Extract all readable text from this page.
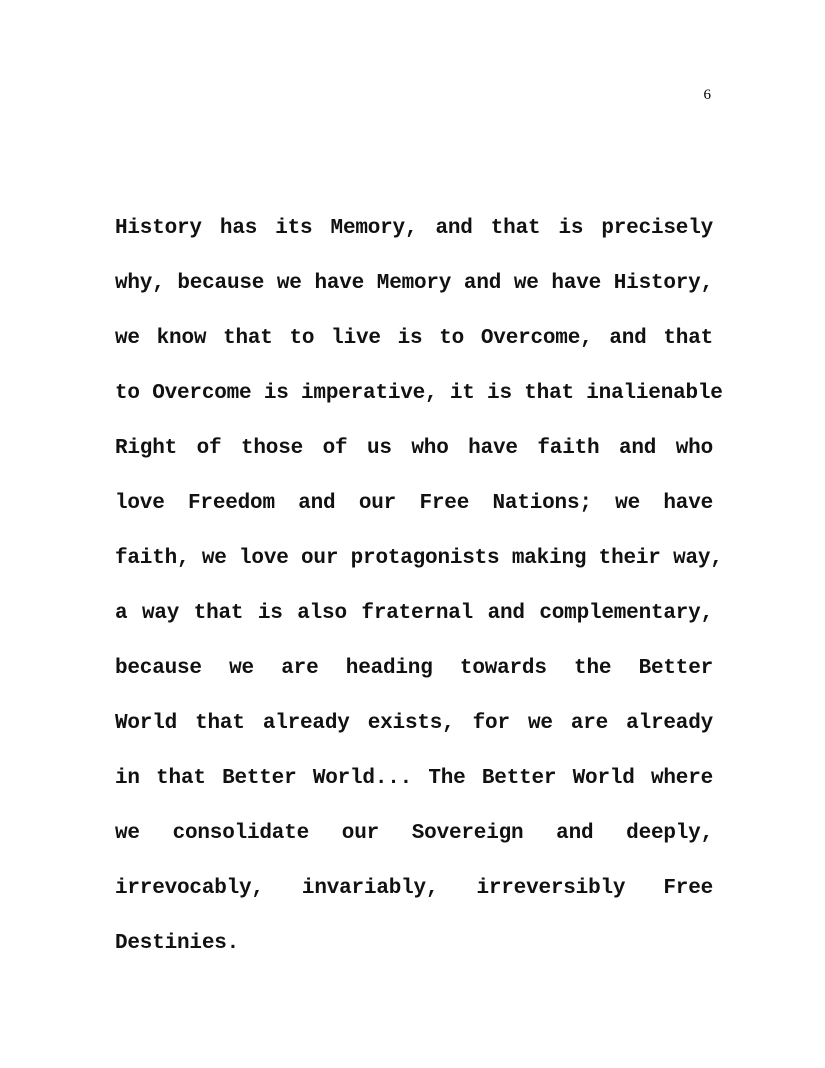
6
History has its Memory, and that is precisely
why, because we have Memory and we have History,
we know that to live is to Overcome, and that
to Overcome is imperative, it is that inalienable
Right of those of us who have faith and who
love Freedom and our Free Nations; we have
faith, we love our protagonists making their way,
a way that is also fraternal and complementary,
because we are heading towards the Better
World that already exists, for we are already
in that Better World... The Better World where
we consolidate our Sovereign and deeply,
irrevocably, invariably, irreversibly Free
Destinies.
